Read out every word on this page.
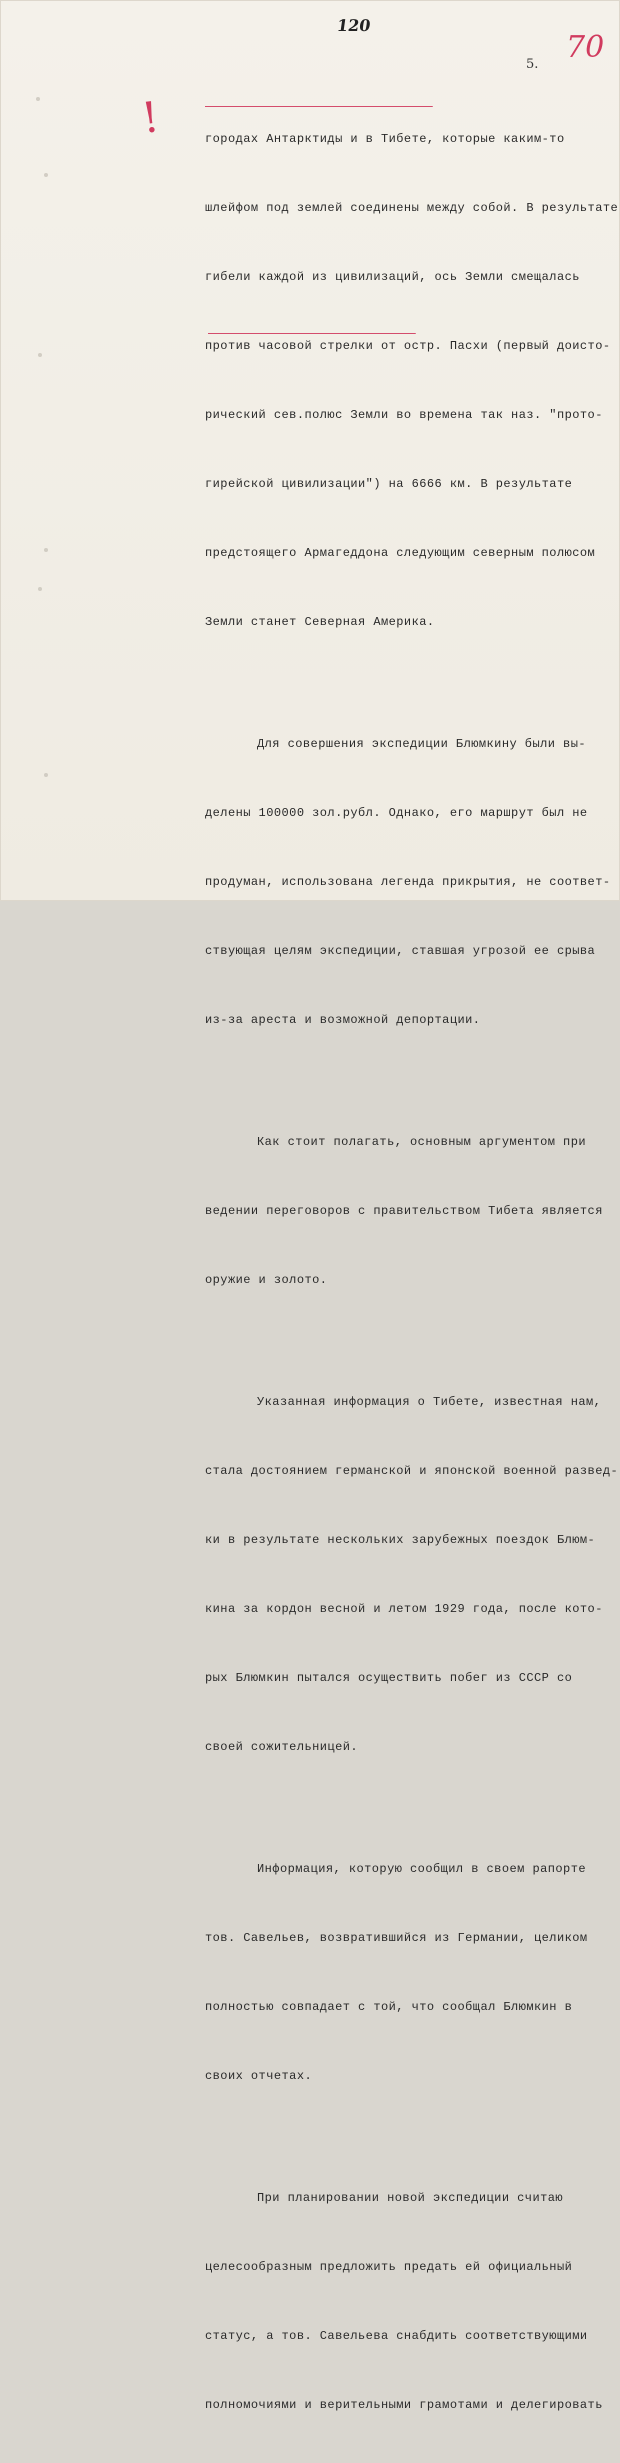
120
5. 70
!

	городах Антарктиды и в Тибете, которые каким-то

шлейфом под землей соединены между собой. В результате

гибели каждой из цивилизаций, ось Земли смещалась

против часовой стрелки от остр. Пасхи (первый доисто-

рический сев.полюс Земли во времена так наз. "прото-

гирейской цивилизации") на 6666 км. В результате

предстоящего Армагеддона следующим северным полюсом

Земли станет Северная Америка.

Для совершения экспедиции Блюмкину были вы-

делены 100000 зол.рубл. Однако, его маршрут был не

продуман, использована легенда прикрытия, не соответ-

ствующая целям экспедиции, ставшая угрозой ее срыва

из-за ареста и возможной депортации.

Как стоит полагать, основным аргументом при

ведении переговоров с правительством Тибета является

оружие и золото.

Указанная информация о Тибете, известная нам,

стала достоянием германской и японской военной развед-

ки в результате нескольких зарубежных поездок Блюм-

кина за кордон весной и летом 1929 года, после кото-

рых Блюмкин пытался осуществить побег из СССР со

своей сожительницей.

Информация, которую сообщил в своем рапорте

тов. Савельев, возвратившийся из Германии, целиком

полностью совпадает с той, что сообщал Блюмкин в

своих отчетах.

При планировании новой экспедиции считаю

целесообразным предложить предать ей официальный

статус, а тов. Савельева снабдить соответствующими

полномочиями и верительными грамотами и делегировать
